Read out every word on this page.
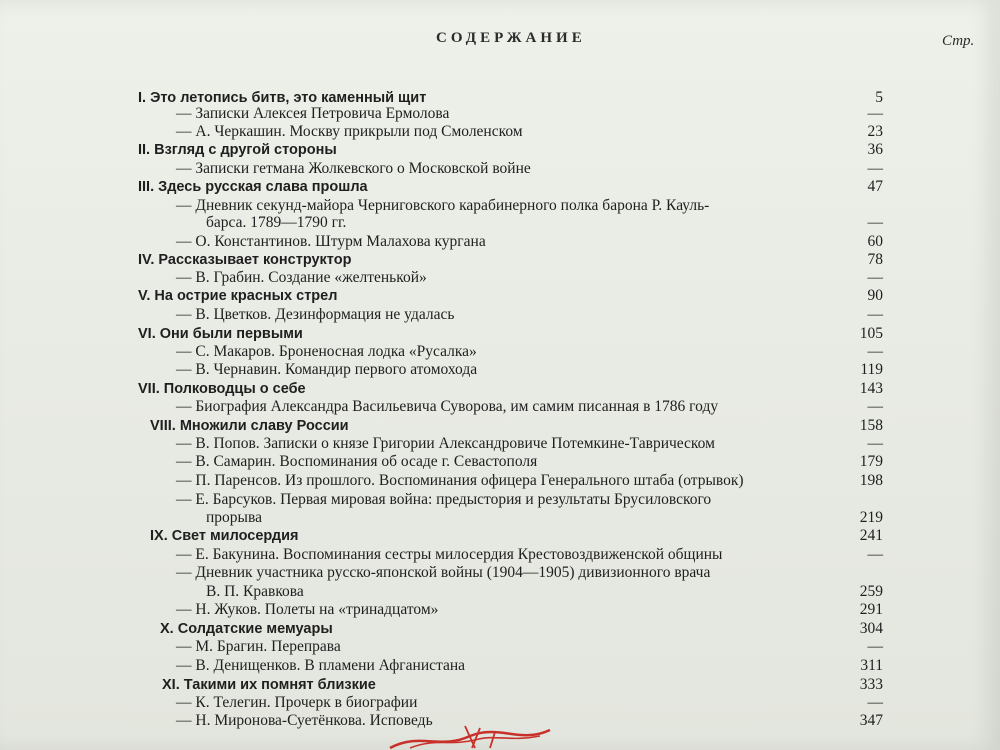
СОДЕРЖАНИЕ	Стр.
I. Это летопись битв, это каменный щит	5
— Записки Алексея Петровича Ермолова	—
— А. Черкашин. Москву прикрыли под Смоленском	23
II. Взгляд с другой стороны	36
— Записки гетмана Жолкевского о Московской войне	—
III. Здесь русская слава прошла	47
— Дневник секунд-майора Черниговского карабинерного полка барона Р. Кауль-
барса. 1789—1790 гг.	—
— О. Константинов. Штурм Малахова кургана	60
IV. Рассказывает конструктор	78
— В. Грабин. Создание «желтенькой»	—
V. На острие красных стрел	90
— В. Цветков. Дезинформация не удалась	—
VI. Они были первыми	105
— С. Макаров. Броненосная лодка «Русалка»	—
— В. Чернавин. Командир первого атомохода	119
VII. Полководцы о себе	143
— Биография Александра Васильевича Суворова, им самим писанная в 1786 году	—
VIII. Множили славу России	158
— В. Попов. Записки о князе Григории Александровиче Потемкине-Таврическом	—
— В. Самарин. Воспоминания об осаде г. Севастополя	179
— П. Паренсов. Из прошлого. Воспоминания офицера Генерального штаба (отрывок)	198
— Е. Барсуков. Первая мировая война: предыстория и результаты Брусиловского
прорыва	219
IX. Свет милосердия	241
— Е. Бакунина. Воспоминания сестры милосердия Крестовоздвиженской общины	—
— Дневник участника русско-японской войны (1904—1905) дивизионного врача
В. П. Кравкова	259
— Н. Жуков. Полеты на «тринадцатом»	291
X. Солдатские мемуары	304
— М. Брагин. Переправа	—
— В. Денищенков. В пламени Афганистана	311
XI. Такими их помнят близкие	333
— К. Телегин. Прочерк в биографии	—
— Н. Миронова-Суетёнкова. Исповедь	347
